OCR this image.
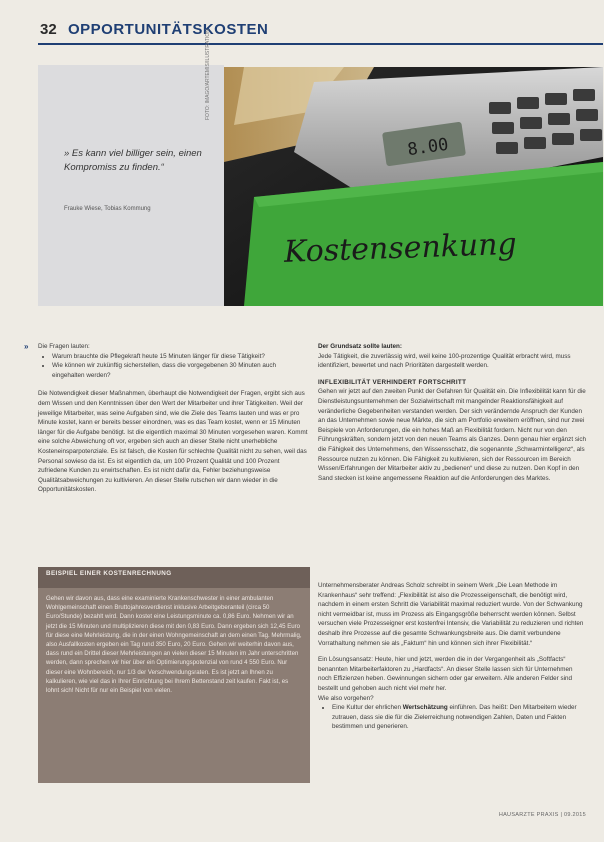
32 OPPORTUNITÄTSKOSTEN
» Es kann viel billiger sein, einen Kompromiss zu finden.“
Frauke Wiese, Tobias Kommung
FOTO: IMAGO/ARTEMIS/ILUSTRATION
8.00
Kostensenkung
» Die Fragen lauten:
• Warum brauchte die Pflegekraft heute 15 Minuten länger für diese Tätigkeit?
• Wie können wir zukünftig sicherstellen, dass die vorgegebenen 30 Minuten auch eingehalten werden?

Die Notwendigkeit dieser Maßnahmen, überhaupt die Notwendigkeit der Fragen, ergibt sich aus dem Wissen und den Kenntnissen über den Wert der Mitarbeiter und ihrer Tätigkeiten. Weil der jeweilige Mitarbeiter, was seine Aufgaben sind, wie die Ziele des Teams lauten und was er pro Minute kostet, kann er bereits besser einordnen, was es das Team kostet, wenn er 15 Minuten länger für die Aufgabe benötigt. Ist die eigentlich maximal 30 Minuten vorgesehen waren. Kommt eine solche Abweichung oft vor, ergeben sich auch an dieser Stelle nicht unerhebliche Kosteneinsparpotenziale. Es ist falsch, die Kosten für schlechte Qualität nicht zu sehen, weil das Personal sowieso da ist. Es ist eigentlich da, um 100 Prozent Qualität und 100 Prozent zufriedene Kunden zu erwirtschaften. Es ist nicht dafür da, Fehler beziehungsweise Qualitätsabweichungen zu kultivieren. An dieser Stelle rutschen wir dann wieder in die Opportunitätskosten.

Der Grundsatz sollte lauten:

Jede Tätigkeit, die zuverlässig wird, weil keine 100-prozentige Qualität erbracht wird, muss identifiziert, bewertet und nach Prioritäten dargestellt werden.

INFLEXIBILITÄT VERHINDERT FORTSCHRITT

Gehen wir jetzt auf den zweiten Punkt der Gefahren für Qualität ein. Die Inflexibilität kann für die Dienstleistungsunternehmen der Sozialwirtschaft mit mangelnder Reaktionsfähigkeit auf veränderliche Gegebenheiten verstanden werden. Der sich verändernde Anspruch der Kunden an das Unternehmen sowie neue Märkte, die sich am Portfolio erweitern eröffnen, sind nur zwei Beispiele von Anforderungen, die ein hohes Maß an Flexibilität fordern. Nicht nur von den Führungskräften, sondern jetzt von den neuen Teams als Ganzes. Denn genau hier ergänzt sich die Fähigkeit des Unternehmens, den Wissensschatz, die sogenannte „Schwarmintelligenz“, als Ressource nutzen zu können. Die Fähigkeit zu kultivieren, sich der Ressourcen im Bereich Wissen/Erfahrungen der Mitarbeiter aktiv zu „bedienen“ und diese zu nutzen. Den Kopf in den Sand stecken ist keine angemessene Reaktion auf die Anforderungen des Marktes.

Unternehmensberater Andreas Scholz schreibt in seinem Werk „Die Lean Methode im Krankenhaus“ sehr treffend: „Flexibilität ist also die Prozesseigenschaft, die benötigt wird, nachdem in einem ersten Schritt die Variabilität maximal reduziert wurde. Von der Schwankung nicht vermeidbar ist, muss im Prozess als Eingangsgröße beherrscht werden können. Selbst versuchen viele Prozesseigner erst kostenfrei Intensiv, die Variabilität zu reduzieren und richten deshalb ihre Prozesse auf die gesamte Schwankungsbreite aus. Die damit verbundene Vorrathaltung nehmen sie als „Faktum“ hin und können sich ihrer Flexibilität.“

Ein Lösungsansatz: Heute, hier und jetzt, werden die in der Vergangenheit als „Softfacts“ benannten Mitarbeiterfaktoren zu „Hardfacts“. An dieser Stelle lassen sich für Unternehmen noch Effizienzen heben. Gewinnungen sichern oder gar erweitern. Alle anderen Felder sind bestellt und gehoben auch nicht viel mehr her.

Wie also vorgehen?
• Eine Kultur der ehrlichen Wertschätzung einführen. Das heißt: Den Mitarbeitern wieder zutrauen, dass sie die für die Zielerreichung notwendigen Zahlen, Daten und Fakten bestimmen und generieren.
BEISPIEL EINER KOSTENRECHNUNG
Gehen wir davon aus, dass eine examinierte Krankenschwester in einer ambulanten Wohlgemeinschaft einen Bruttojahresverdienst inklusive Arbeitgeberanteil (circa 50 Euro/Stunde) bezahlt wird. Dann kostet eine Leistungsminute ca. 0,86 Euro. Nehmen wir an jetzt die 15 Minuten und multiplizieren diese mit den 0,83 Euro. Dann ergeben sich 12,45 Euro für diese eine Mehrleistung, die in der einen Wohngemeinschaft an dem einen Tag. Mehrmalig, also Ausfallkosten ergeben ein Tag rund 350 Euro, 20 Euro. Gehen wir weiterhin davon aus, dass rund ein Drittel dieser Mehrleistungen an vielen dieser 15 Minuten im Jahr unterschritten werden, dann sprechen wir hier über ein Optimierungspotenzial von rund 4 550 Euro. Nur dieser eine Wohnbereich, nur 1/3 der Verschwendungsraten. Es ist jetzt an Ihnen zu kalkulieren, wie viel das in Ihrer Einrichtung bei Ihrem Bettenstand zeit kaufen. Fakt ist, es lohnt sich! Nicht für nur ein Beispiel von vielen.
HAUSARZTE PRAXIS | 09.2015
